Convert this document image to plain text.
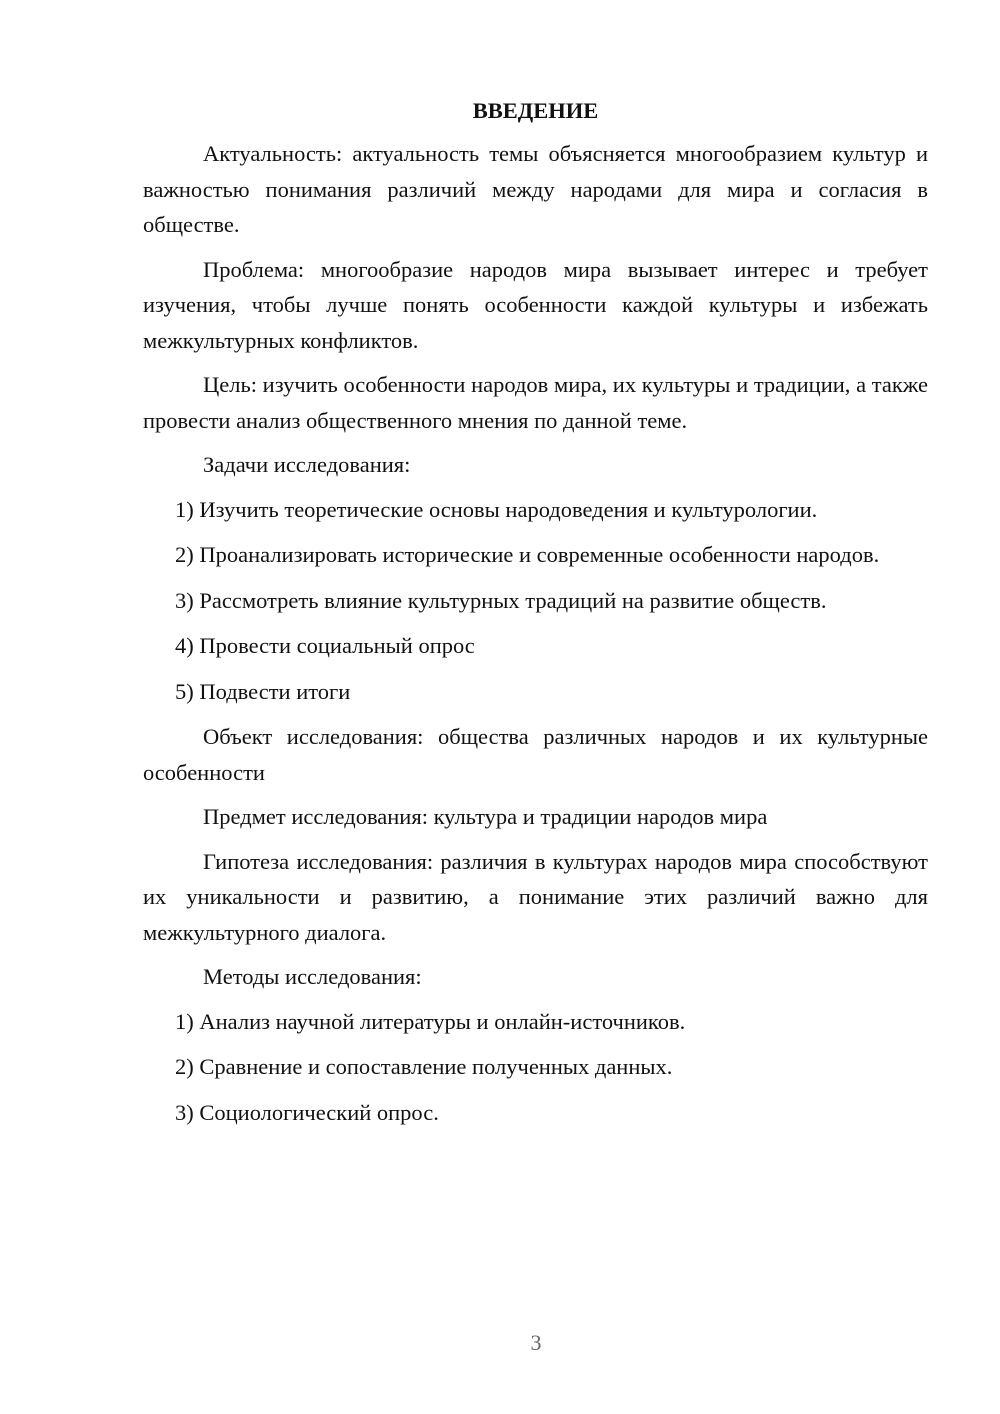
ВВЕДЕНИЕ

Актуальность: актуальность темы объясняется многообразием культур и важностью понимания различий между народами для мира и согласия в обществе.

Проблема: многообразие народов мира вызывает интерес и требует изучения, чтобы лучше понять особенности каждой культуры и избежать межкультурных конфликтов.

Цель: изучить особенности народов мира, их культуры и традиции, а также провести анализ общественного мнения по данной теме.

Задачи исследования:

1) Изучить теоретические основы народоведения и культурологии.

2) Проанализировать исторические и современные особенности народов.

3) Рассмотреть влияние культурных традиций на развитие обществ.

4) Провести социальный опрос

5) Подвести итоги

Объект исследования: общества различных народов и их культурные особенности

Предмет исследования: культура и традиции народов мира

Гипотеза исследования: различия в культурах народов мира способствуют их уникальности и развитию, а понимание этих различий важно для межкультурного диалога.

Методы исследования:

1) Анализ научной литературы и онлайн-источников.

2) Сравнение и сопоставление полученных данных.

3) Социологический опрос.

3
